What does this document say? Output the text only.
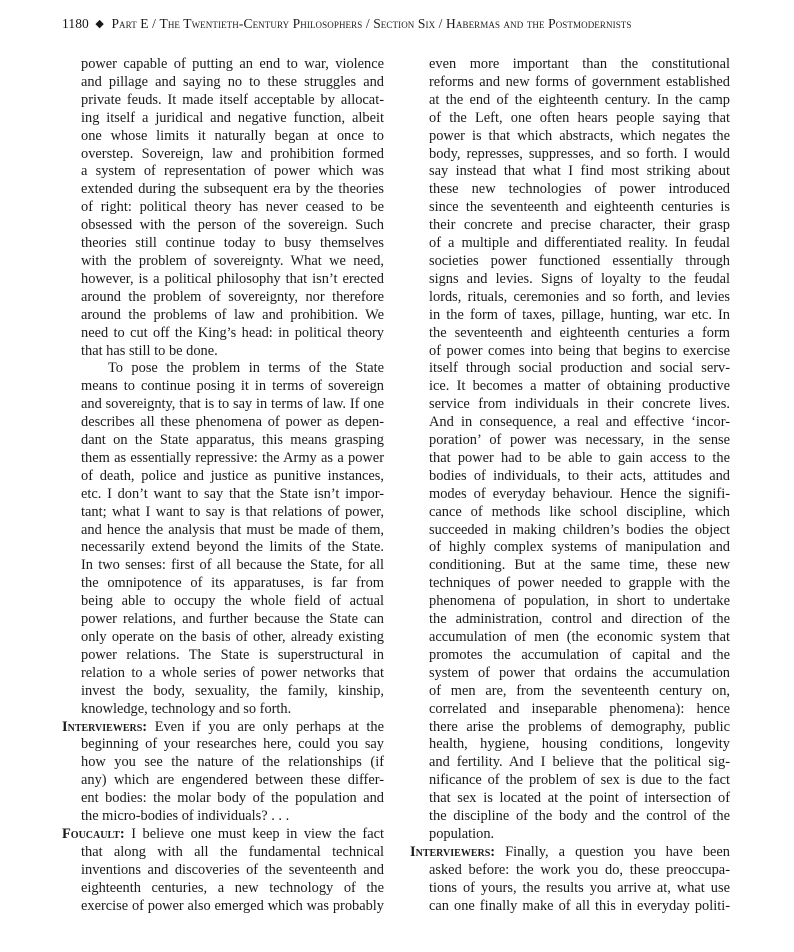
1180 ◆ Part E / The Twentieth-Century Philosophers / Section Six / Habermas and the Postmodernists
power capable of putting an end to war, violence
and pillage and saying no to these struggles and
private feuds. It made itself acceptable by allocat-
ing itself a juridical and negative function, albeit
one whose limits it naturally began at once to
overstep. Sovereign, law and prohibition formed
a system of representation of power which was
extended during the subsequent era by the theories
of right: political theory has never ceased to be
obsessed with the person of the sovereign. Such
theories still continue today to busy themselves
with the problem of sovereignty. What we need,
however, is a political philosophy that isn’t erected
around the problem of sovereignty, nor therefore
around the problems of law and prohibition. We
need to cut off the King’s head: in political theory
that has still to be done.
To pose the problem in terms of the State
means to continue posing it in terms of sovereign
and sovereignty, that is to say in terms of law. If one
describes all these phenomena of power as depen-
dant on the State apparatus, this means grasping
them as essentially repressive: the Army as a power
of death, police and justice as punitive instances,
etc. I don’t want to say that the State isn’t impor-
tant; what I want to say is that relations of power,
and hence the analysis that must be made of them,
necessarily extend beyond the limits of the State.
In two senses: first of all because the State, for all
the omnipotence of its apparatuses, is far from
being able to occupy the whole field of actual
power relations, and further because the State can
only operate on the basis of other, already existing
power relations. The State is superstructural in
relation to a whole series of power networks that
invest the body, sexuality, the family, kinship,
knowledge, technology and so forth.
Interviewers: Even if you are only perhaps at the
beginning of your researches here, could you say
how you see the nature of the relationships (if
any) which are engendered between these differ-
ent bodies: the molar body of the population and
the micro-bodies of individuals? . . .
Foucault: I believe one must keep in view the fact
that along with all the fundamental technical
inventions and discoveries of the seventeenth and
eighteenth centuries, a new technology of the
exercise of power also emerged which was probably
even more important than the constitutional
reforms and new forms of government established
at the end of the eighteenth century. In the camp
of the Left, one often hears people saying that
power is that which abstracts, which negates the
body, represses, suppresses, and so forth. I would
say instead that what I find most striking about
these new technologies of power introduced
since the seventeenth and eighteenth centuries is
their concrete and precise character, their grasp
of a multiple and differentiated reality. In feudal
societies power functioned essentially through
signs and levies. Signs of loyalty to the feudal
lords, rituals, ceremonies and so forth, and levies
in the form of taxes, pillage, hunting, war etc. In
the seventeenth and eighteenth centuries a form
of power comes into being that begins to exercise
itself through social production and social serv-
ice. It becomes a matter of obtaining productive
service from individuals in their concrete lives.
And in consequence, a real and effective ‘incor-
poration’ of power was necessary, in the sense
that power had to be able to gain access to the
bodies of individuals, to their acts, attitudes and
modes of everyday behaviour. Hence the signifi-
cance of methods like school discipline, which
succeeded in making children’s bodies the object
of highly complex systems of manipulation and
conditioning. But at the same time, these new
techniques of power needed to grapple with the
phenomena of population, in short to undertake
the administration, control and direction of the
accumulation of men (the economic system that
promotes the accumulation of capital and the
system of power that ordains the accumulation
of men are, from the seventeenth century on,
correlated and inseparable phenomena): hence
there arise the problems of demography, public
health, hygiene, housing conditions, longevity
and fertility. And I believe that the political sig-
nificance of the problem of sex is due to the fact
that sex is located at the point of intersection of
the discipline of the body and the control of the
population.
Interviewers: Finally, a question you have been
asked before: the work you do, these preoccupa-
tions of yours, the results you arrive at, what use
can one finally make of all this in everyday politi-
